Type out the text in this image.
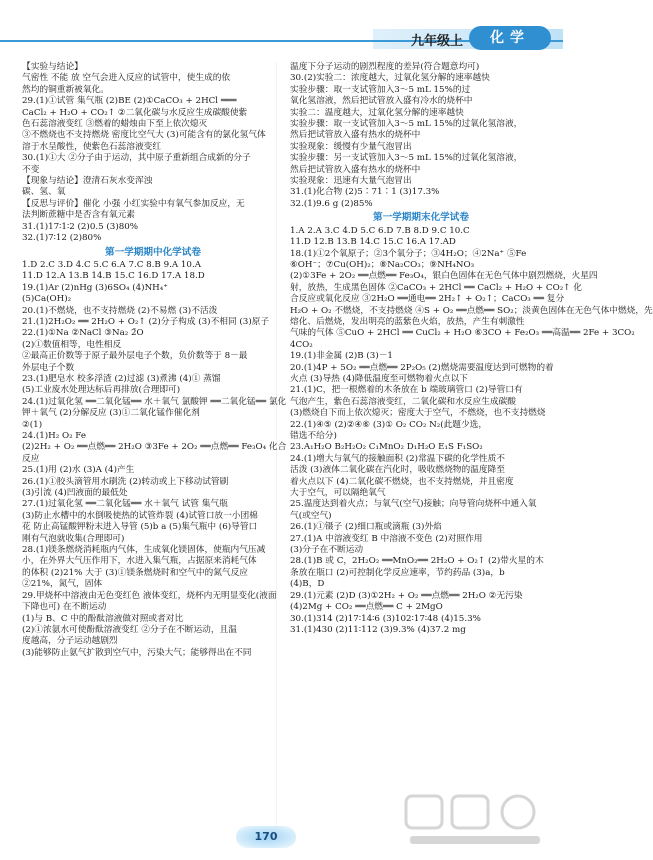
九年级上	化学
【实验与结论】
气密性 不能 放 空气会进入反应的试管中，使生成的依
然均的铜重新被氧化。
29.(1)①试管 集气瓶 (2)BE (2)①CaCO₃ + 2HCl ═══
CaCl₂ + H₂O + CO₂↑ ②二氧化碳与水反应生成碳酸使紫
色石蕊溶液变红 ③燃着的蜡烛由下至上依次熄灭
③不燃烧也不支持燃烧 密度比空气大 (3)可能含有的氯化氢气体
溶于水呈酸性，使紫色石蕊溶液变红
30.(1)①大 ②分子由于运动，其中原子重新组合成新的分子
不变
【现象与结论】澄清石灰水变浑浊
碳、氢、氧
【反思与评价】催化 小强 小红实验中有氧气参加反应，无
法判断蔗糖中是否含有氧元素
31.(1)17∶1∶2 (2)0.5 (3)80%
32.(1)7∶12 (2)80%
第一学期期中化学试卷
1.D 2.C 3.D 4.C 5.C 6.A 7.C 8.B 9.A 10.A
11.D 12.A 13.B 14.B 15.C 16.D 17.A 18.D
19.(1)Ar (2)nHg (3)6SO₄ (4)NH₄⁺
(5)Ca(OH)₂
20.(1)不燃烧，也不支持燃烧 (2)不易燃 (3)不活泼
21.(1)2H₂O₂ ══ 2H₂O + O₂↑ (2)分子构成 (3)不相同 (3)原子
22.(1)①Na ②NaCl ③Na₂ 2̄O
(2)①数值相等，电性相反
②最高正价数等于原子最外层电子个数，负价数等于 8－最
外层电子个数
23.(1)肥皂水 校多浮渣 (2)过滤 (3)煮沸 (4)① 蒸馏
(5)工业废水处理达标后再排放(合理即可)
24.(1)过氧化氢 ══二氧化锰══ 水＋氧气 氯酸钾 ══二氧化锰══ 氯化
钾＋氧气 (2)分解反应 (3)①二氧化锰作催化剂
②(1)
24.(1)H₂ O₂ Fe
(2)2H₂ + O₂ ══点燃══ 2H₂O ③3Fe + 2O₂ ══点燃══ Fe₃O₄ 化合
反应
25.(1)用 (2)水 (3)A (4)产生
26.(1)①胶头滴管用水刷洗 (2)转动或上下移动试管刷
(3)引流 (4)凹液面的最低处
27.(1)过氧化氢 ══二氧化锰══ 水＋氧气 试管 集气瓶
(3)防止水槽中的水倒吸使热的试管炸裂 (4)试管口放一小团棉
花 防止高锰酸钾粉末进入导管 (5)b a (5)集气瓶中 (6)导管口
刚有气泡就收集(合理即可)
28.(1)镁条燃烧消耗瓶内气体，生成氧化镁固体，使瓶内气压减
小，在外界大气压作用下，水进入集气瓶，占据原来消耗气体
的体积 (2)21% 大于 (3)①镁条燃烧时和空气中的氮气反应
②21%，氮气，固体
29.甲烧杯中溶液由无色变红色 液体变红，烧杯内无明显变化(液面
下降也可) 在不断运动
(1)与 B、C 中的酚酞溶液做对照或者对比
(2)①浓氨水可使酚酞溶液变红 ②分子在不断运动，且温
度越高，分子运动越剧烈
(3)能够防止氨气扩散到空气中，污染大气；能够得出在不同
温度下分子运动的剧烈程度的差异(符合题意均可)
30.(2)实验二：浓度越大，过氧化氢分解的速率越快
实验步骤：取一支试管加入3～5 mL 15%的过
氧化氢溶液，然后把试管放入盛有冷水的烧杯中
实验二：温度越大，过氧化氢分解的速率越快
实验步骤：取一支试管加入3～5 mL 15%的过氧化氢溶液，
然后把试管放入盛有热水的烧杯中
实验现象：缓慢有少量气泡冒出
实验步骤：另一支试管加入3～5 mL 15%的过氧化氢溶液，
然后把试管放入盛有热水的烧杯中
实验现象：迅速有大量气泡冒出
31.(1)化合物 (2)5∶71∶1 (3)17.3%
32.(1)9.6 g (2)85%
第一学期期末化学试卷
1.A 2.A 3.C 4.D 5.C 6.D 7.B 8.D 9.C 10.C
11.D 12.B 13.B 14.C 15.C 16.A 17.AD
18.(1)①2个氧原子；②3个氧分子；③4H₂O；④2Na⁺ ⑤Fe
⑥OH⁻；⑦Cu(OH)₂；⑧Na₂CO₃；⑨NH₄NO₃
(2)①3Fe + 2O₂ ══点燃══ Fe₃O₄，银白色固体在无色气体中剧烈燃烧，火星四
射，放热，生成黑色固体 ②CaCO₃ + 2HCl ══ CaCl₂ + H₂O + CO₂↑ 化
合反应或氧化反应 ③2H₂O ══通电══ 2H₂↑ + O₂↑；CaCO₃ ══ 复分
H₂O + O₂ 不燃烧，不支持燃烧 ④S + O₂ ══点燃══ SO₂；淡黄色固体在无色气体中燃烧，先
熔化、后燃烧，发出明亮的蓝紫色火焰，放热，产生有刺激性
气味的气体 ⑤CuO + 2HCl ══ CuCl₂ + H₂O ⑥3CO + Fe₂O₃ ══高温══ 2Fe + 3CO₂
4CO₂
19.(1)非金属 (2)B (3)－1
20.(1)4P + 5O₂ ══点燃══ 2P₂O₅ (2)燃烧需要温度达到可燃物的着
火点 (3)导热 (4)降低温度至可燃物着火点以下
21.(1)C，把一根燃着的木条放在 b 端玻璃管口 (2)导管口有
气泡产生，紫色石蕊溶液变红，二氧化碳和水反应生成碳酸
(3)燃烧自下而上依次熄灭；密度大于空气，不燃烧，也不支持燃烧
22.(1)④⑤ (2)②④⑥ (3)① O₂ CO₂ N₂(此题少选，
错选不给分)
23.A₁H₂O B₂H₂O₂ C₁MnO₂ D₁H₂O E₁S F₁SO₂
24.(1)增大与氧气的接触面积 (2)常温下碳的化学性质不
活泼 (3)液体二氧化碳在汽化时，吸收燃烧物的温度降至
着火点以下 (4)二氧化碳不燃烧，也不支持燃烧，并且密度
大于空气，可以隔绝氧气
25.温度达到着火点；与氧气(空气)接触；向导管向烧杯中通入氧
气(或空气)
26.(1)①镊子 (2)细口瓶或滴瓶 (3)外焰
27.(1)A 中溶液变红 B 中溶液不变色 (2)对照作用
(3)分子在不断运动
28.(1)B 或 C，2H₂O₂ ══MnO₂══ 2H₂O + O₂↑ (2)带火星的木
条放在瓶口 (2)可控制化学反应速率，节约药品 (3)a，b
(4)B，D
29.(1)元素 (2)D (3)①2H₂ + O₂ ══点燃══ 2H₂O ②无污染
(4)2Mg + CO₂ ══点燃══ C + 2MgO
30.(1)314 (2)17∶14∶6 (3)102∶17∶48 (4)15.3%
31.(1)430 (2)11∶112 (3)9.3% (4)37.2 mg
170
